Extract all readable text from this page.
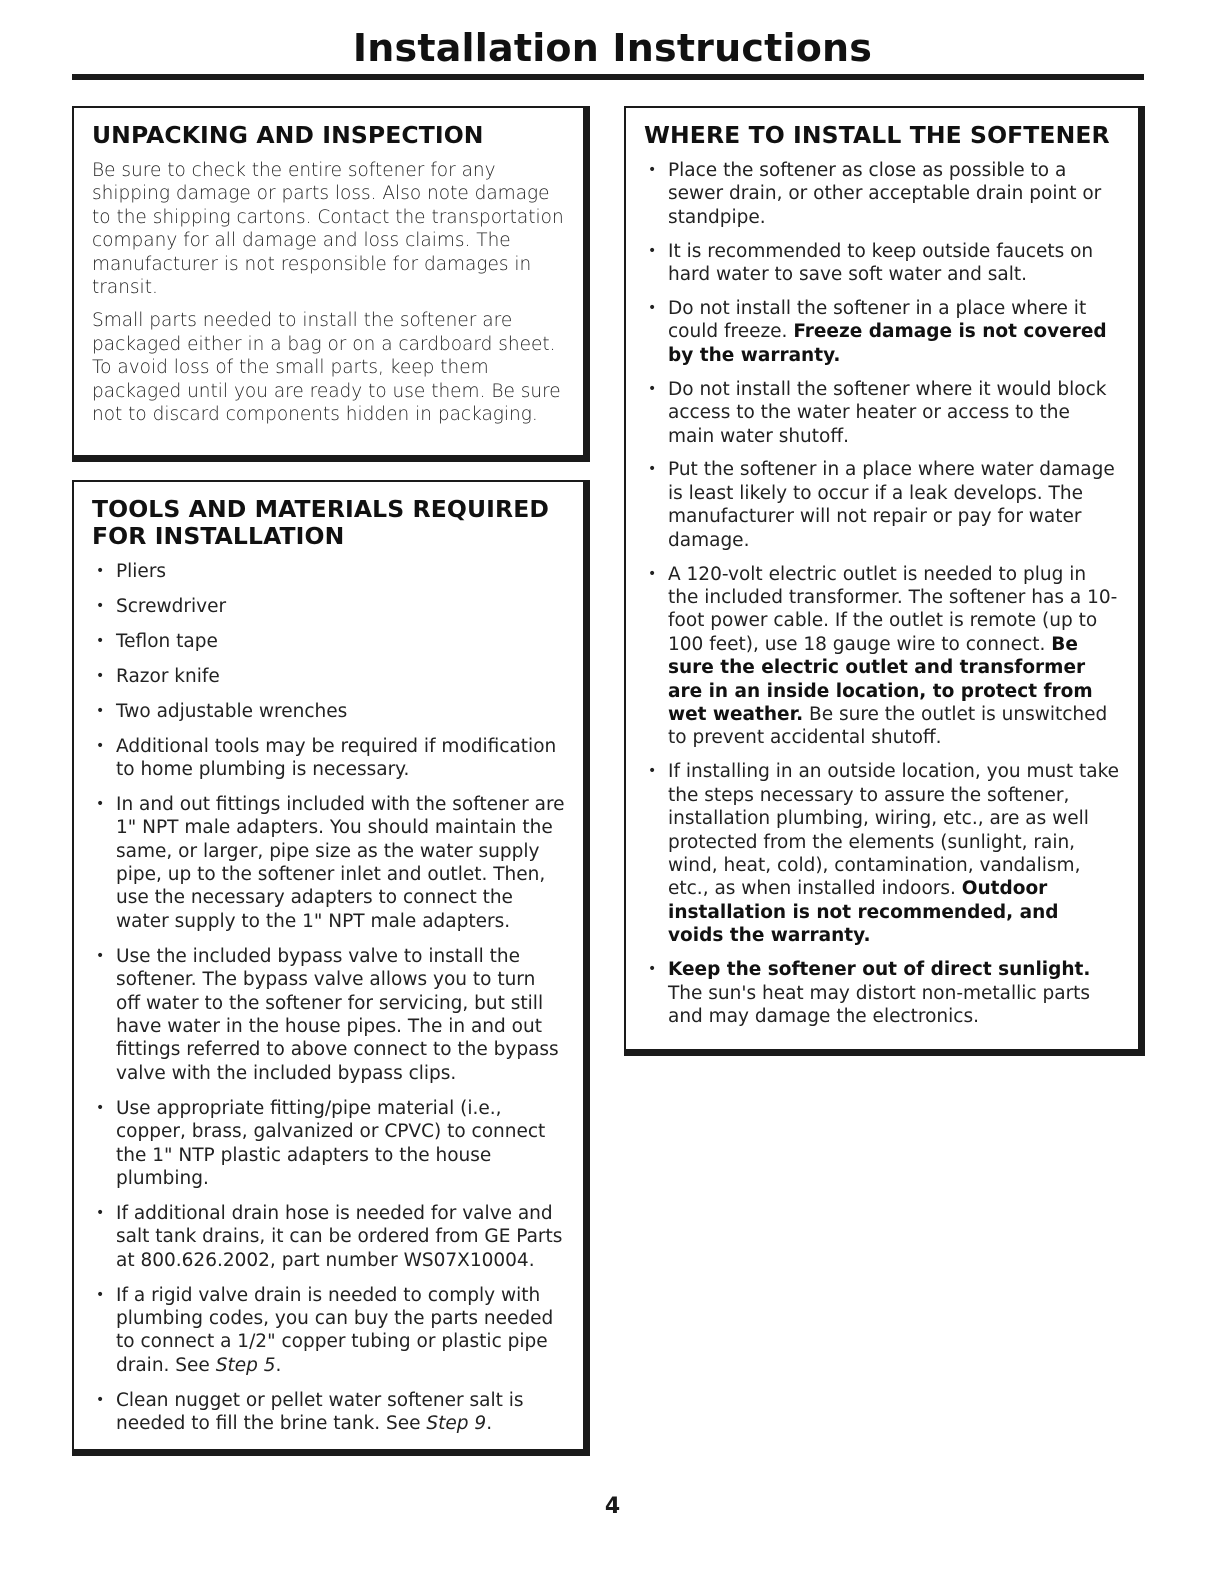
Installation Instructions
UNPACKING AND INSPECTION

Be sure to check the entire softener for any shipping damage or parts loss. Also note damage to the shipping cartons. Contact the transportation company for all damage and loss claims. The manufacturer is not responsible for damages in transit.

Small parts needed to install the softener are packaged either in a bag or on a cardboard sheet. To avoid loss of the small parts, keep them packaged until you are ready to use them. Be sure not to discard components hidden in packaging.

TOOLS AND MATERIALS REQUIRED FOR INSTALLATION
• Pliers
• Screwdriver
• Teflon tape
• Razor knife
• Two adjustable wrenches
• Additional tools may be required if modification to home plumbing is necessary.
• In and out fittings included with the softener are 1" NPT male adapters. You should maintain the same, or larger, pipe size as the water supply pipe, up to the softener inlet and outlet. Then, use the necessary adapters to connect the water supply to the 1" NPT male adapters.
• Use the included bypass valve to install the softener. The bypass valve allows you to turn off water to the softener for servicing, but still have water in the house pipes. The in and out fittings referred to above connect to the bypass valve with the included bypass clips.
• Use appropriate fitting/pipe material (i.e., copper, brass, galvanized or CPVC) to connect the 1" NTP plastic adapters to the house plumbing.
• If additional drain hose is needed for valve and salt tank drains, it can be ordered from GE Parts at 800.626.2002, part number WS07X10004.
• If a rigid valve drain is needed to comply with plumbing codes, you can buy the parts needed to connect a 1/2" copper tubing or plastic pipe drain. See Step 5.
• Clean nugget or pellet water softener salt is needed to fill the brine tank. See Step 9.
WHERE TO INSTALL THE SOFTENER
• Place the softener as close as possible to a sewer drain, or other acceptable drain point or standpipe.
• It is recommended to keep outside faucets on hard water to save soft water and salt.
• Do not install the softener in a place where it could freeze. Freeze damage is not covered by the warranty.
• Do not install the softener where it would block access to the water heater or access to the main water shutoff.
• Put the softener in a place where water damage is least likely to occur if a leak develops. The manufacturer will not repair or pay for water damage.
• A 120-volt electric outlet is needed to plug in the included transformer. The softener has a 10-foot power cable. If the outlet is remote (up to 100 feet), use 18 gauge wire to connect. Be sure the electric outlet and transformer are in an inside location, to protect from wet weather. Be sure the outlet is unswitched to prevent accidental shutoff.
• If installing in an outside location, you must take the steps necessary to assure the softener, installation plumbing, wiring, etc., are as well protected from the elements (sunlight, rain, wind, heat, cold), contamination, vandalism, etc., as when installed indoors. Outdoor installation is not recommended, and voids the warranty.
• Keep the softener out of direct sunlight. The sun's heat may distort non-metallic parts and may damage the electronics.
4
